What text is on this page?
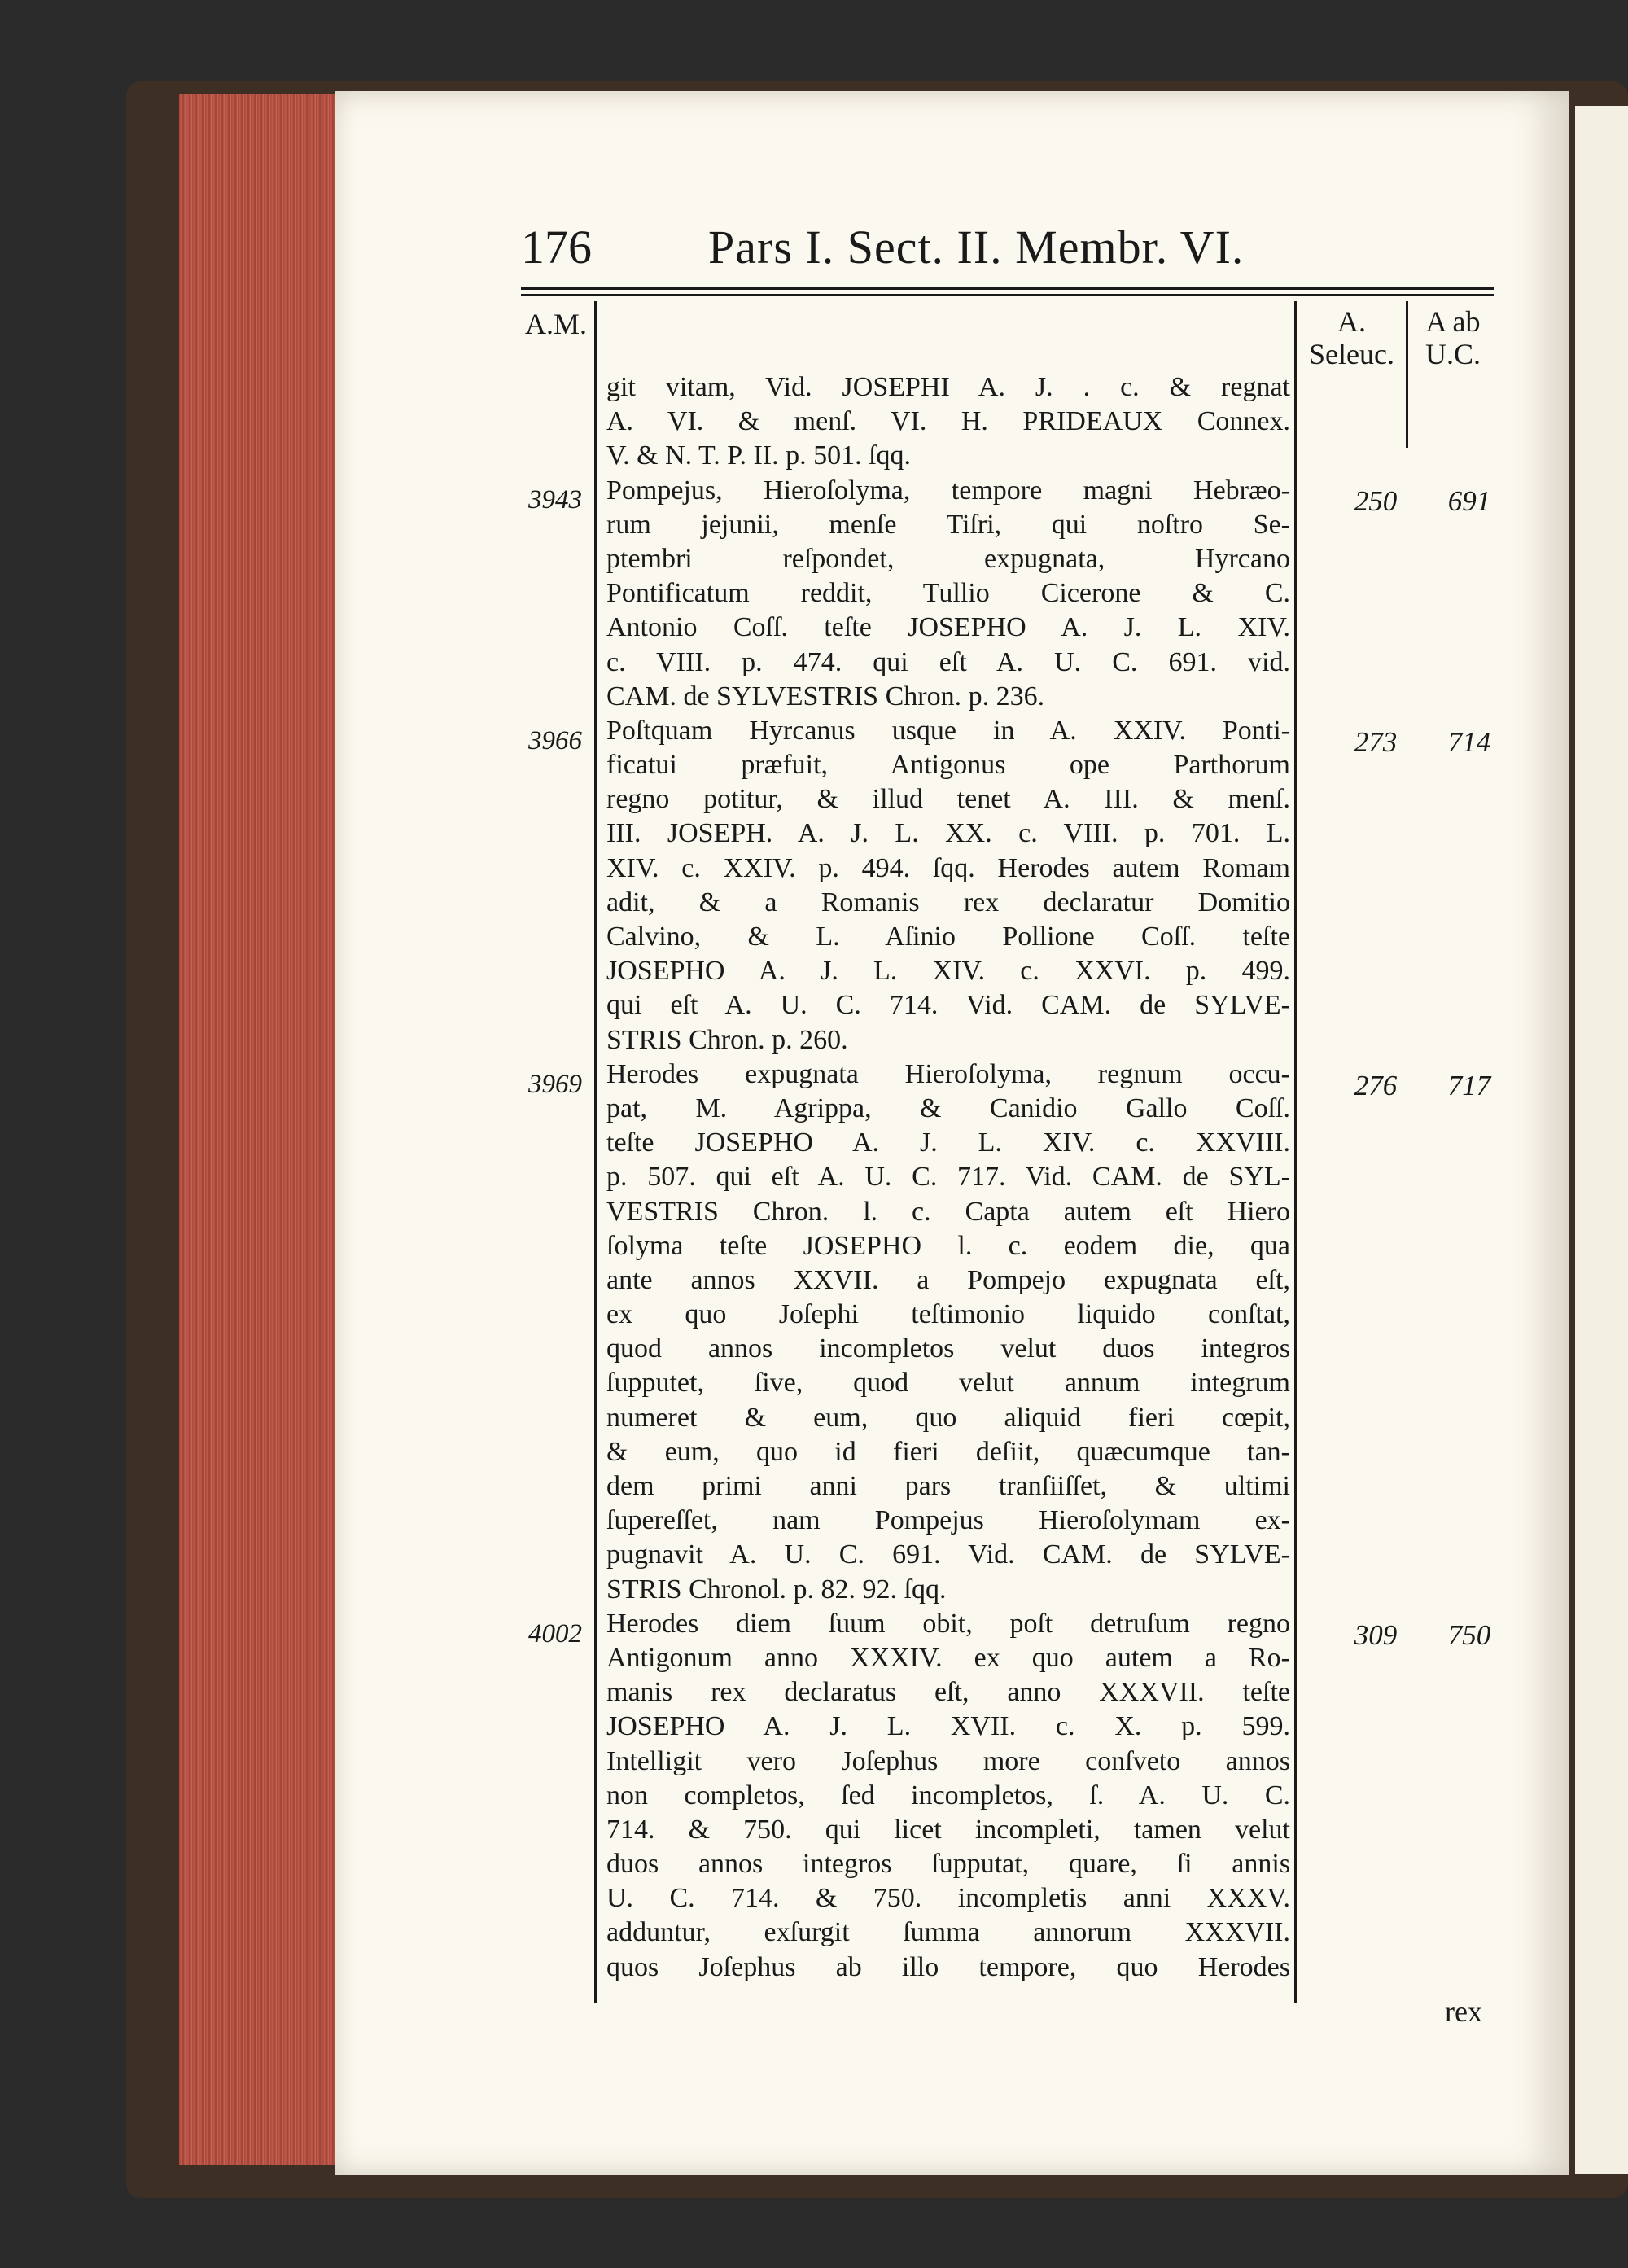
176 Pars I. Sect. II. Membr. VI.
A.M.	A.
Seleuc.
A ab
U.C.
3943
3966
3969
4002
250
273
276
309
691
714
717
750
git vitam, Vid. JOSEPHI A. J. . c. & regnat
A. VI. & menſ. VI. H. PRIDEAUX Connex.
V. & N. T. P. II. p. 501. ſqq.
Pompejus, Hieroſolyma, tempore magni Hebræo-
rum jejunii, menſe Tiſri, qui noſtro Se-
ptembri reſpondet, expugnata, Hyrcano
Pontificatum reddit, Tullio Cicerone & C.
Antonio Coſſ. teſte JOSEPHO A. J. L. XIV.
c. VIII. p. 474. qui eſt A. U. C. 691. vid.
CAM. de SYLVESTRIS Chron. p. 236.
Poſtquam Hyrcanus usque in A. XXIV. Ponti-
ficatui præfuit, Antigonus ope Parthorum
regno potitur, & illud tenet A. III. & menſ.
III. JOSEPH. A. J. L. XX. c. VIII. p. 701. L.
XIV. c. XXIV. p. 494. ſqq. Herodes autem Romam
adit, & a Romanis rex declaratur Domitio
Calvino, & L. Aſinio Pollione Coſſ. teſte
JOSEPHO A. J. L. XIV. c. XXVI. p. 499.
qui eſt A. U. C. 714. Vid. CAM. de SYLVE-
STRIS Chron. p. 260.
Herodes expugnata Hieroſolyma, regnum occu-
pat, M. Agrippa, & Canidio Gallo Coſſ.
teſte JOSEPHO A. J. L. XIV. c. XXVIII.
p. 507. qui eſt A. U. C. 717. Vid. CAM. de SYL-
VESTRIS Chron. l. c. Capta autem eſt Hiero
ſolyma teſte JOSEPHO l. c. eodem die, qua
ante annos XXVII. a Pompejo expugnata eſt,
ex quo Joſephi teſtimonio liquido conſtat,
quod annos incompletos velut duos integros
ſupputet, ſive, quod velut annum integrum
numeret & eum, quo aliquid fieri cœpit,
& eum, quo id fieri deſiit, quæcumque tan-
dem primi anni pars tranſiiſſet, & ultimi
ſupereſſet, nam Pompejus Hieroſolymam ex-
pugnavit A. U. C. 691. Vid. CAM. de SYLVE-
STRIS Chronol. p. 82. 92. ſqq.
Herodes diem ſuum obit, poſt detruſum regno
Antigonum anno XXXIV. ex quo autem a Ro-
manis rex declaratus eſt, anno XXXVII. teſte
JOSEPHO A. J. L. XVII. c. X. p. 599.
Intelligit vero Joſephus more conſveto annos
non completos, ſed incompletos, ſ. A. U. C.
714. & 750. qui licet incompleti, tamen velut
duos annos integros ſupputat, quare, ſi annis
U. C. 714. & 750. incompletis anni XXXV.
adduntur, exſurgit ſumma annorum XXXVII.
quos Joſephus ab illo tempore, quo Herodes
rex
